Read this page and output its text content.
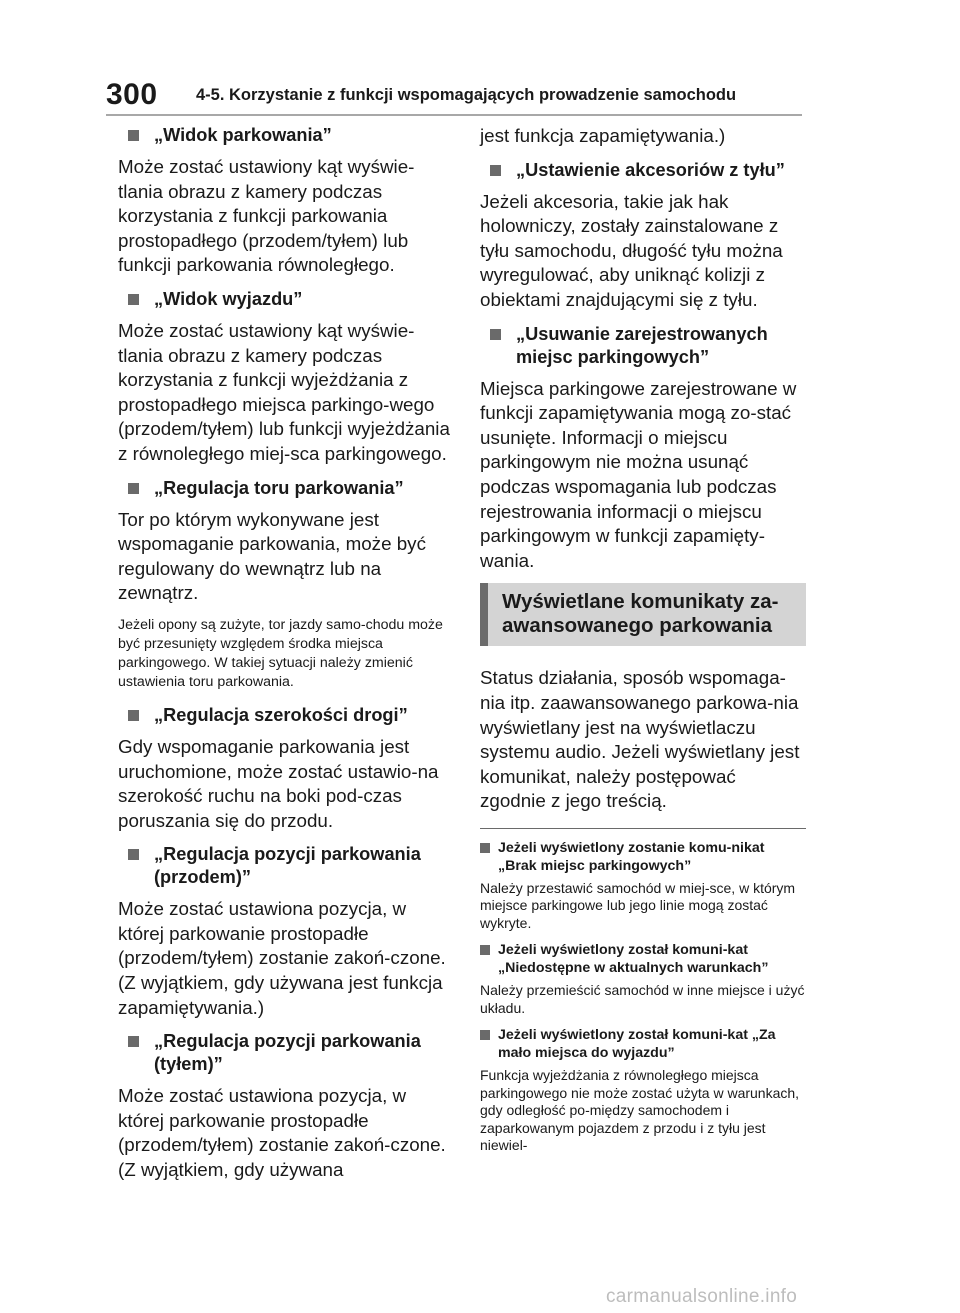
300 4-5. Korzystanie z funkcji wspomagających prowadzenie samochodu
„Widok parkowania”

Może zostać ustawiony kąt wyświe-tlania obrazu z kamery podczas korzystania z funkcji parkowania prostopadłego (przodem/tyłem) lub funkcji parkowania równoległego.

„Widok wyjazdu”

Może zostać ustawiony kąt wyświe-tlania obrazu z kamery podczas korzystania z funkcji wyjeżdżania z prostopadłego miejsca parkingo-wego (przodem/tyłem) lub funkcji wyjeżdżania z równoległego miej-sca parkingowego.

„Regulacja toru parkowania”

Tor po którym wykonywane jest wspomaganie parkowania, może być regulowany do wewnątrz lub na zewnątrz.

Jeżeli opony są zużyte, tor jazdy samo-chodu może być przesunięty względem środka miejsca parkingowego. W takiej sytuacji należy zmienić ustawienia toru parkowania.

„Regulacja szerokości drogi”

Gdy wspomaganie parkowania jest uruchomione, może zostać ustawio-na szerokość ruchu na boki pod-czas poruszania się do przodu.

„Regulacja pozycji parkowania (przodem)”

Może zostać ustawiona pozycja, w której parkowanie prostopadłe (przodem/tyłem) zostanie zakoń-czone. (Z wyjątkiem, gdy używana jest funkcja zapamiętywania.)

„Regulacja pozycji parkowania (tyłem)”

Może zostać ustawiona pozycja, w której parkowanie prostopadłe (przodem/tyłem) zostanie zakoń-czone. (Z wyjątkiem, gdy używana

jest funkcja zapamiętywania.)

„Ustawienie akcesoriów z tyłu”

Jeżeli akcesoria, takie jak hak holowniczy, zostały zainstalowane z tyłu samochodu, długość tyłu można wyregulować, aby uniknąć kolizji z obiektami znajdującymi się z tyłu.

„Usuwanie zarejestrowanych miejsc parkingowych”

Miejsca parkingowe zarejestrowane w funkcji zapamiętywania mogą zo-stać usunięte. Informacji o miejscu parkingowym nie można usunąć podczas wspomagania lub podczas rejestrowania informacji o miejscu parkingowym w funkcji zapamięty-wania.

Wyświetlane komunikaty za-awansowanego parkowania

Status działania, sposób wspomaga-nia itp. zaawansowanego parkowa-nia wyświetlany jest na wyświetlaczu systemu audio. Jeżeli wyświetlany jest komunikat, należy postępować zgodnie z jego treścią.

Jeżeli wyświetlony zostanie komu-nikat „Brak miejsc parkingowych”

Należy przestawić samochód w miej-sce, w którym miejsce parkingowe lub jego linie mogą zostać wykryte.

Jeżeli wyświetlony został komuni-kat „Niedostępne w aktualnych warunkach”

Należy przemieścić samochód w inne miejsce i użyć układu.

Jeżeli wyświetlony został komuni-kat „Za mało miejsca do wyjazdu”

Funkcja wyjeżdżania z równoległego miejsca parkingowego nie może zostać użyta w warunkach, gdy odległość po-między samochodem i zaparkowanym pojazdem z przodu i z tyłu jest niewiel-

carmanualsonline.info
